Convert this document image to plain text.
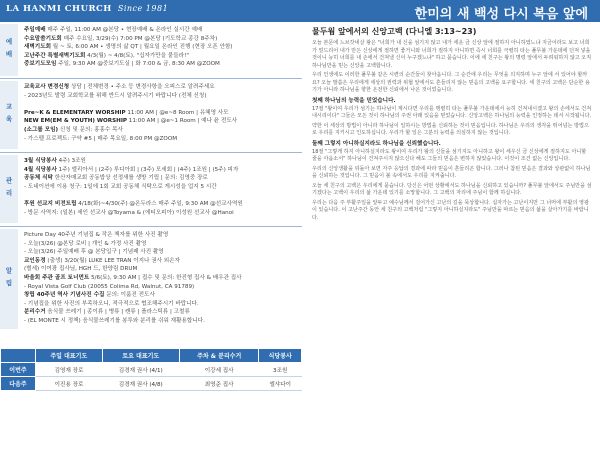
LA HANMI CHURCH Since 1981	한미의 새 백성 다시 복음 앞에
예배
주일예배 매주 주일, 11:00 AM @본당 • 현장예배 & 온라인 실시간 예배
수요말씀기도회 매주 수요일, 3/29(수) 7:00 PM @본당 (기도학교 종강 8주차)
새벽기도회 월 ~ 토, 6:00 AM • 생명의 삶 QT | 월요일 온라인 진행 (현장 오픈 안함)
고난주간 특별새벽기도회 4/3(월) ~ 4/8(토), "십자가만을 붙들라!"
중보기도모임 주일, 9:30 AM @중보기도실 | 화 7:00 & 금, 8:30 AM @ZOOM
교육
교육교사 변경신청 상담 | 전체변경 • 주소 등 변경사항을 오피스로 알려주세요
- 2023년도 발령 교회학교를 위해 반드시 알려주시기 바랍니다 (전체 신청)

Pre~K & ELEMENTARY WORSHIP 11:00 AM | @e~8 Room | 유혜영 사모
NEW EM(EM & YOUTH) WORSHIP 11:00 AM | @e~1 Room | 예나 윤 전도사
(소그룹 모임) 신청 및 문의: 홍홍수 목사
- 가스펠 프로젝트: 구약 #5 | 매주 목요일, 8:00 PM @ZOOM
관리
3월 식당봉사 4주) 3조원
4월 식당봉사 1주) 엘리아서 | (2주) 루디아회 | (3주) 모세회 | (4주) 1조원 | (5주) 피자
공동체 식탁 한산자매교회 공동밥상 선정새를 생방 기립 | 문의: 김영중 장로
- 도네이션에 이용 청구: 1일에 1회 교회 공동체 식탁으로 게시성을 업지 5 시간

후원 선교지 비전트립 4/18(화)~4/30(주) @온두라스 매주 주일, 9:30 AM @선교사역원
- 방문 사역지: (일본) 세인 선교사 @Toyama & (에티오피아) 이성원 선교사 @Hanoi
알림
Picture Day 40주년 기념집 & 작은 책자를 위한 사진 촬영
- 오늘(3/26) @본당 로비 | 개인 & 가정 사진 촬영
- 오늘(3/26) 주일예배 후 @ 본당입구 | 기념패 사진 촬영
교인동정 (출생) 3/20(월) LUKE LEE TRAN 이지나 권사 외손자
(별세) 이여광 집사님, HGH 드, 한양림 DRUM
바울회 주관 골프 토너먼트 5/6(토), 9:30 AM | 접수 및 문의: 한진형 집사 & 배우관 집사
- Royal Vista Golf Club (20055 Colima Rd, Walnut, CA 91789)
창립 40주년 역사 기념사진 수집 문의: 이룸진 전도사
- 기념집을 위한 사진의 부족하오니, 적극적으로 협조해주시기 바랍니다.
분리수거 음식물 쓰레기 | 종이류 | 병류 | 캔류 | 플라스틱류 | 고철류
- (EL MONTE 시 정책) 음식물쓰레기를 봉투와 분리를 쉬워 재활용합니다.
	주일 대표기도	토요 대표기도	주차 & 분리수거	식당봉사
이번주	김영재 장로	김경재 권사 (4/1)	이강세 집사	3조원
다음주	이진용 장로	김경재 권사 (4/8)	최영준 집사	엘샤다이
물두웜 앞에서의 신앙고백 (다니엘 3:13~23)
오늘 본문에 느브갓네살 왕은 "너희가 내 신을 섬기지 않고 내가 세운 금 신상 앞에 절하지 아니하였느냐 지금이라도 보고 너희가 엎드리어 내가 만든 신상에게 절하면 좋거니와 너희가 절하지 아니하면 즉시 너희를 극렬히 타는 풀무불 가운데에 던져 넣을 것이니 능히 너희를 내 손에서 건져낼 신이 누구겠느냐" 하고 묻습니다. 이에 세 친구는 왕의 명령 앞에서 두려워하지 않고 오직 하나님만을 믿는 신앙을 고백합니다.
우리 인생에도 이러한 풀무불 같은 시련의 순간들이 찾아옵니다. 그 순간에 우리는 무엇을 의지하며 누구 앞에 서 있어야 할까요? 오늘 말씀은 우리에게 세상의 권력과 위협 앞에서도 흔들리지 않는 믿음의 고백을 요구합니다. 세 친구의 고백은 단순한 용기가 아니라 하나님을 향한 온전한 신뢰에서 나온 것이었습니다.
첫째 하나님의 능력을 믿었습니다.
17절 "왕이여 우리가 섬기는 하나님이 계시다면 우리를 맹렬히 타는 풀무불 가운데에서 능히 건져내시겠고 왕의 손에서도 건져내시리이다" 그들은 모든 것이 하나님의 주권 아래 있음을 믿었습니다. 신앙고백은 하나님의 능력을 인정하는 데서 시작됩니다.
약한 이 세상의 방법이 아니라 하나님이 일하시는 방법을 신뢰하는 것이 믿음입니다. 하나님은 우리의 생각을 뛰어넘는 방법으로 우리를 지키시고 인도하십니다. 우리가 할 일은 그분의 능력을 의심하지 않는 것입니다.
둘째 그렇지 아니하실지라도 하나님을 신뢰했습니다.
18절 "그렇게 하지 아니하실지라도 왕이여 우리가 왕의 신들을 섬기지도 아니하고 왕이 세우신 금 신상에게 절하지도 아니할 줄을 아옵소서" 하나님이 건져주시지 않으신다 해도 그들의 믿음은 변하지 않았습니다. 이것이 조건 없는 신앙입니다.
우리의 신앙생활을 뒤돌아 보면 자주 응답의 결과에 따라 믿음이 흔들리곤 합니다. 그러나 참된 믿음은 결과와 상관없이 하나님을 신뢰하는 것입니다. 그 믿음이 불 속에서도 우리를 지켜줍니다.
오늘 세 친구의 고백은 우리에게 묻습니다. 당신은 어떤 상황에서도 하나님을 신뢰하고 있습니까? 풀무불 앞에서도 주님만을 섬기겠다는 고백이 우리의 삶 가운데 있기를 소망합니다. 그 고백의 자리에 주님이 함께 하십니다.
우리는 다음 주 부활주일을 앞두고 예수님께서 걸어가신 고난의 길을 묵상합니다. 십자가는 고난이지만 그 너머에 부활의 영광이 있습니다. 이 고난주간 동안 세 친구의 고백처럼 "그렇지 아니하실지라도" 주님만을 따르는 믿음의 삶을 살아가기를 바랍니다.
